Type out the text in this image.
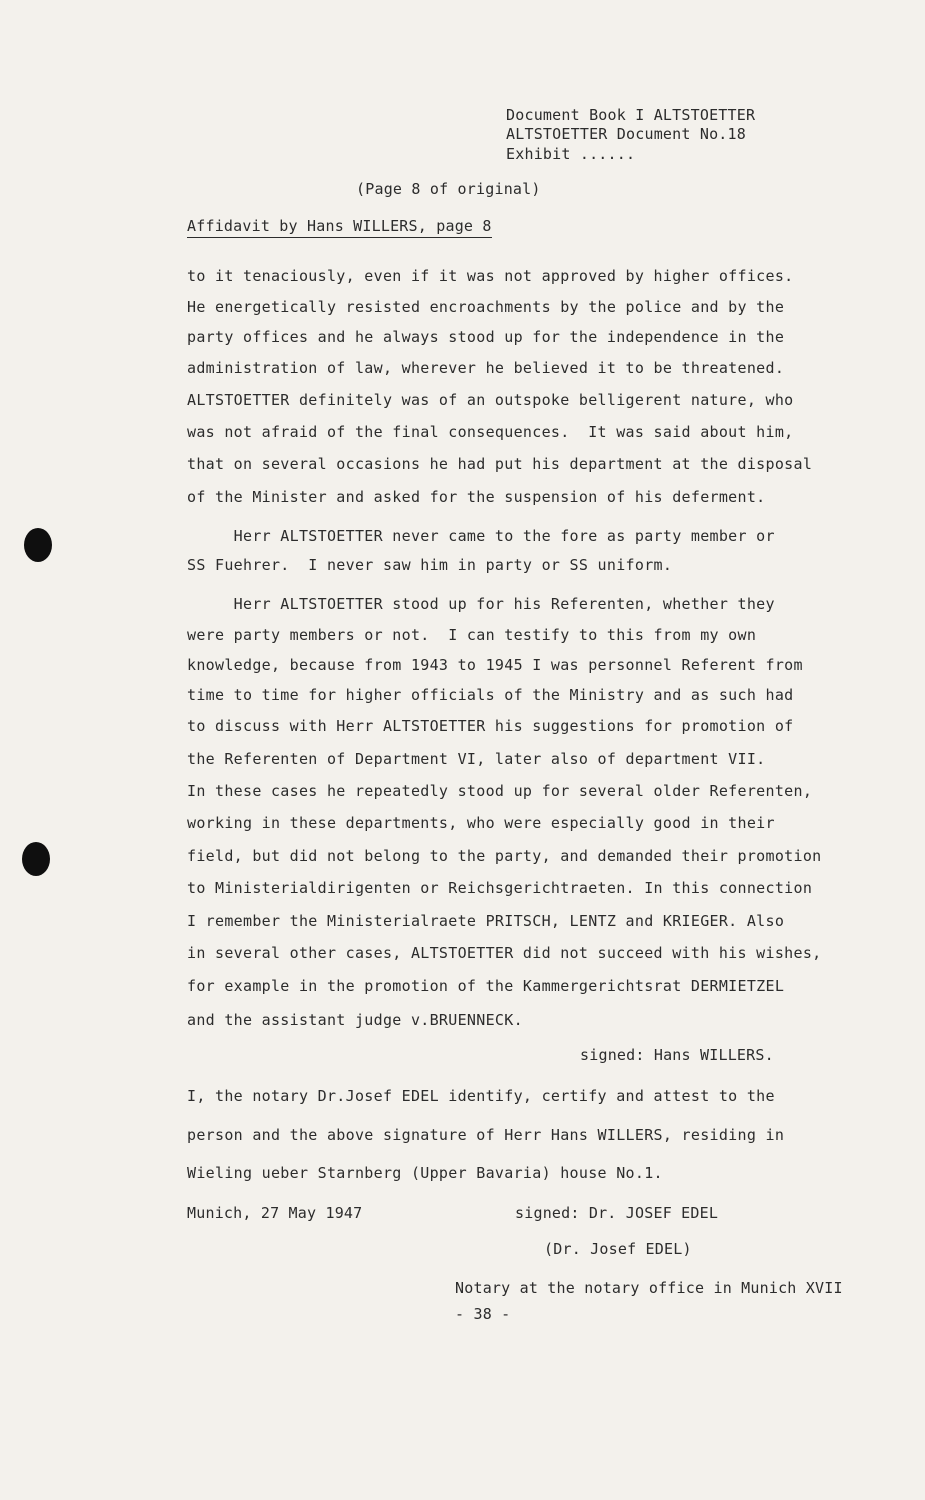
Document Book I ALTSTOETTER
ALTSTOETTER Document No.18
Exhibit ......
(Page 8 of original)
Affidavit by Hans WILLERS, page 8
to it tenaciously, even if it was not approved by higher offices.
He energetically resisted encroachments by the police and by the
party offices and he always stood up for the independence in the
administration of law, wherever he believed it to be threatened.
ALTSTOETTER definitely was of an outspoke belligerent nature, who
was not afraid of the final consequences.  It was said about him,
that on several occasions he had put his department at the disposal
of the Minister and asked for the suspension of his deferment.
Herr ALTSTOETTER never came to the fore as party member or
SS Fuehrer.  I never saw him in party or SS uniform.
Herr ALTSTOETTER stood up for his Referenten, whether they
were party members or not.  I can testify to this from my own
knowledge, because from 1943 to 1945 I was personnel Referent from
time to time for higher officials of the Ministry and as such had
to discuss with Herr ALTSTOETTER his suggestions for promotion of
the Referenten of Department VI, later also of department VII.
In these cases he repeatedly stood up for several older Referenten,
working in these departments, who were especially good in their
field, but did not belong to the party, and demanded their promotion
to Ministerialdirigenten or Reichsgerichtraeten. In this connection
I remember the Ministerialraete PRITSCH, LENTZ and KRIEGER. Also
in several other cases, ALTSTOETTER did not succeed with his wishes,
for example in the promotion of the Kammergerichtsrat DERMIETZEL
and the assistant judge v.BRUENNECK.
signed: Hans WILLERS.
I, the notary Dr.Josef EDEL identify, certify and attest to the
person and the above signature of Herr Hans WILLERS, residing in
Wieling ueber Starnberg (Upper Bavaria) house No.1.
Munich, 27 May 1947	signed: Dr. JOSEF EDEL
(Dr. Josef EDEL)
Notary at the notary office in Munich XVII
- 38 -
